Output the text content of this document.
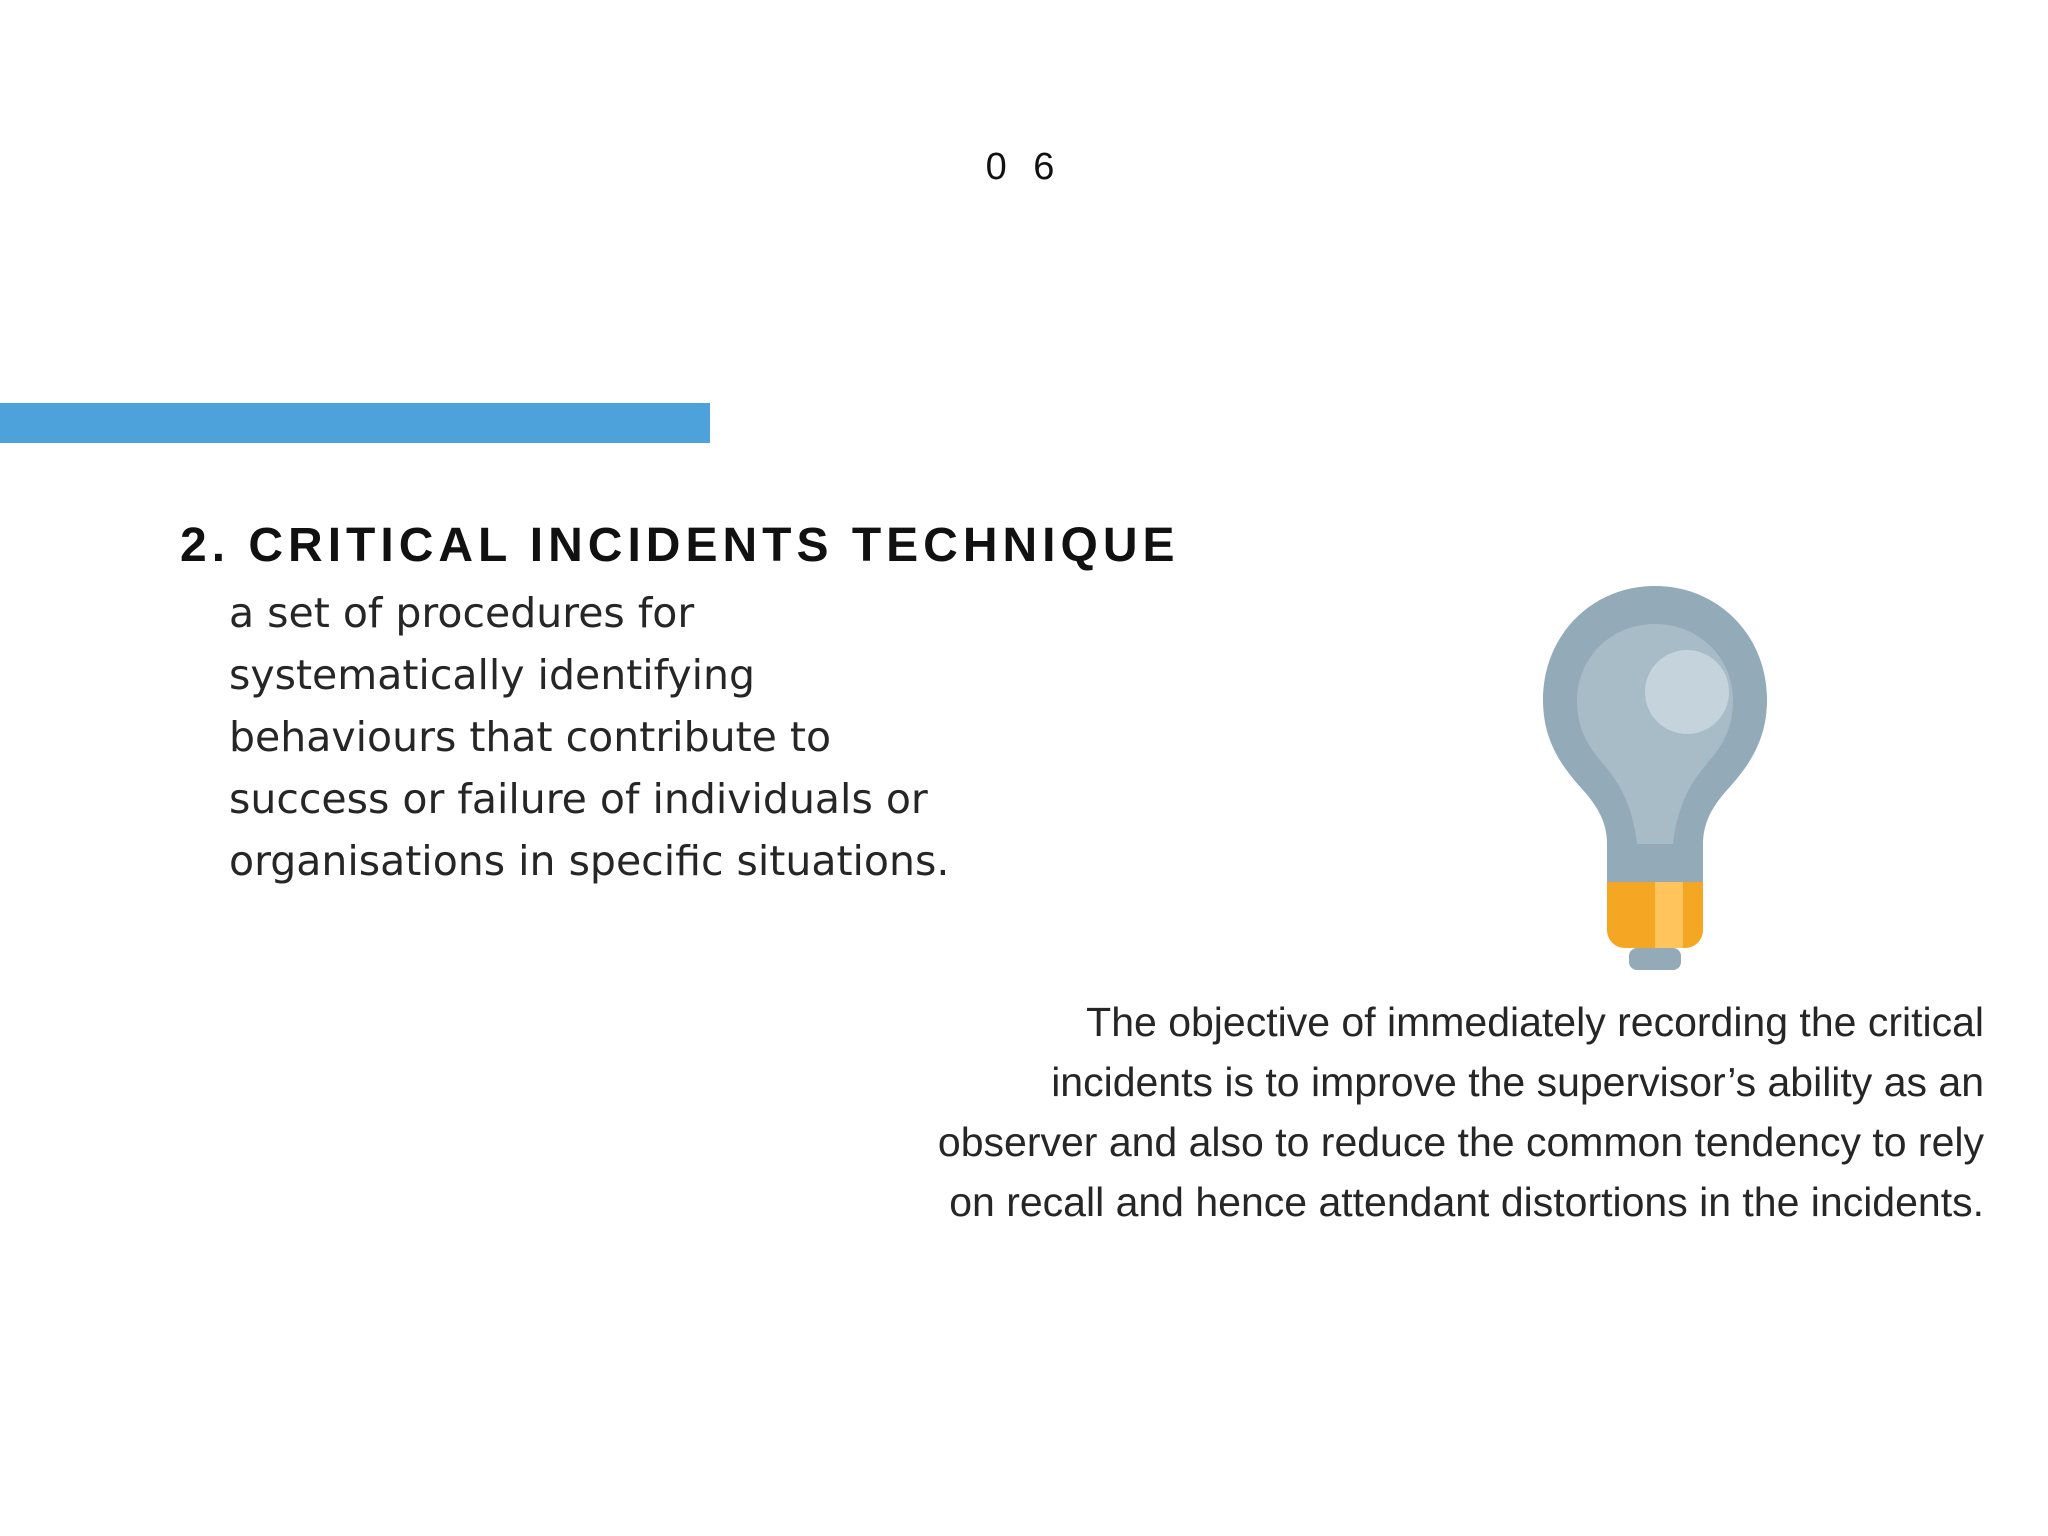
0 6
2. CRITICAL INCIDENTS TECHNIQUE
a set of procedures for
systematically identifying
behaviours that contribute to
success or failure of individuals or
organisations in specific situations.
The objective of immediately recording the critical
incidents is to improve the supervisor’s ability as an
observer and also to reduce the common tendency to rely
on recall and hence attendant distortions in the incidents.
